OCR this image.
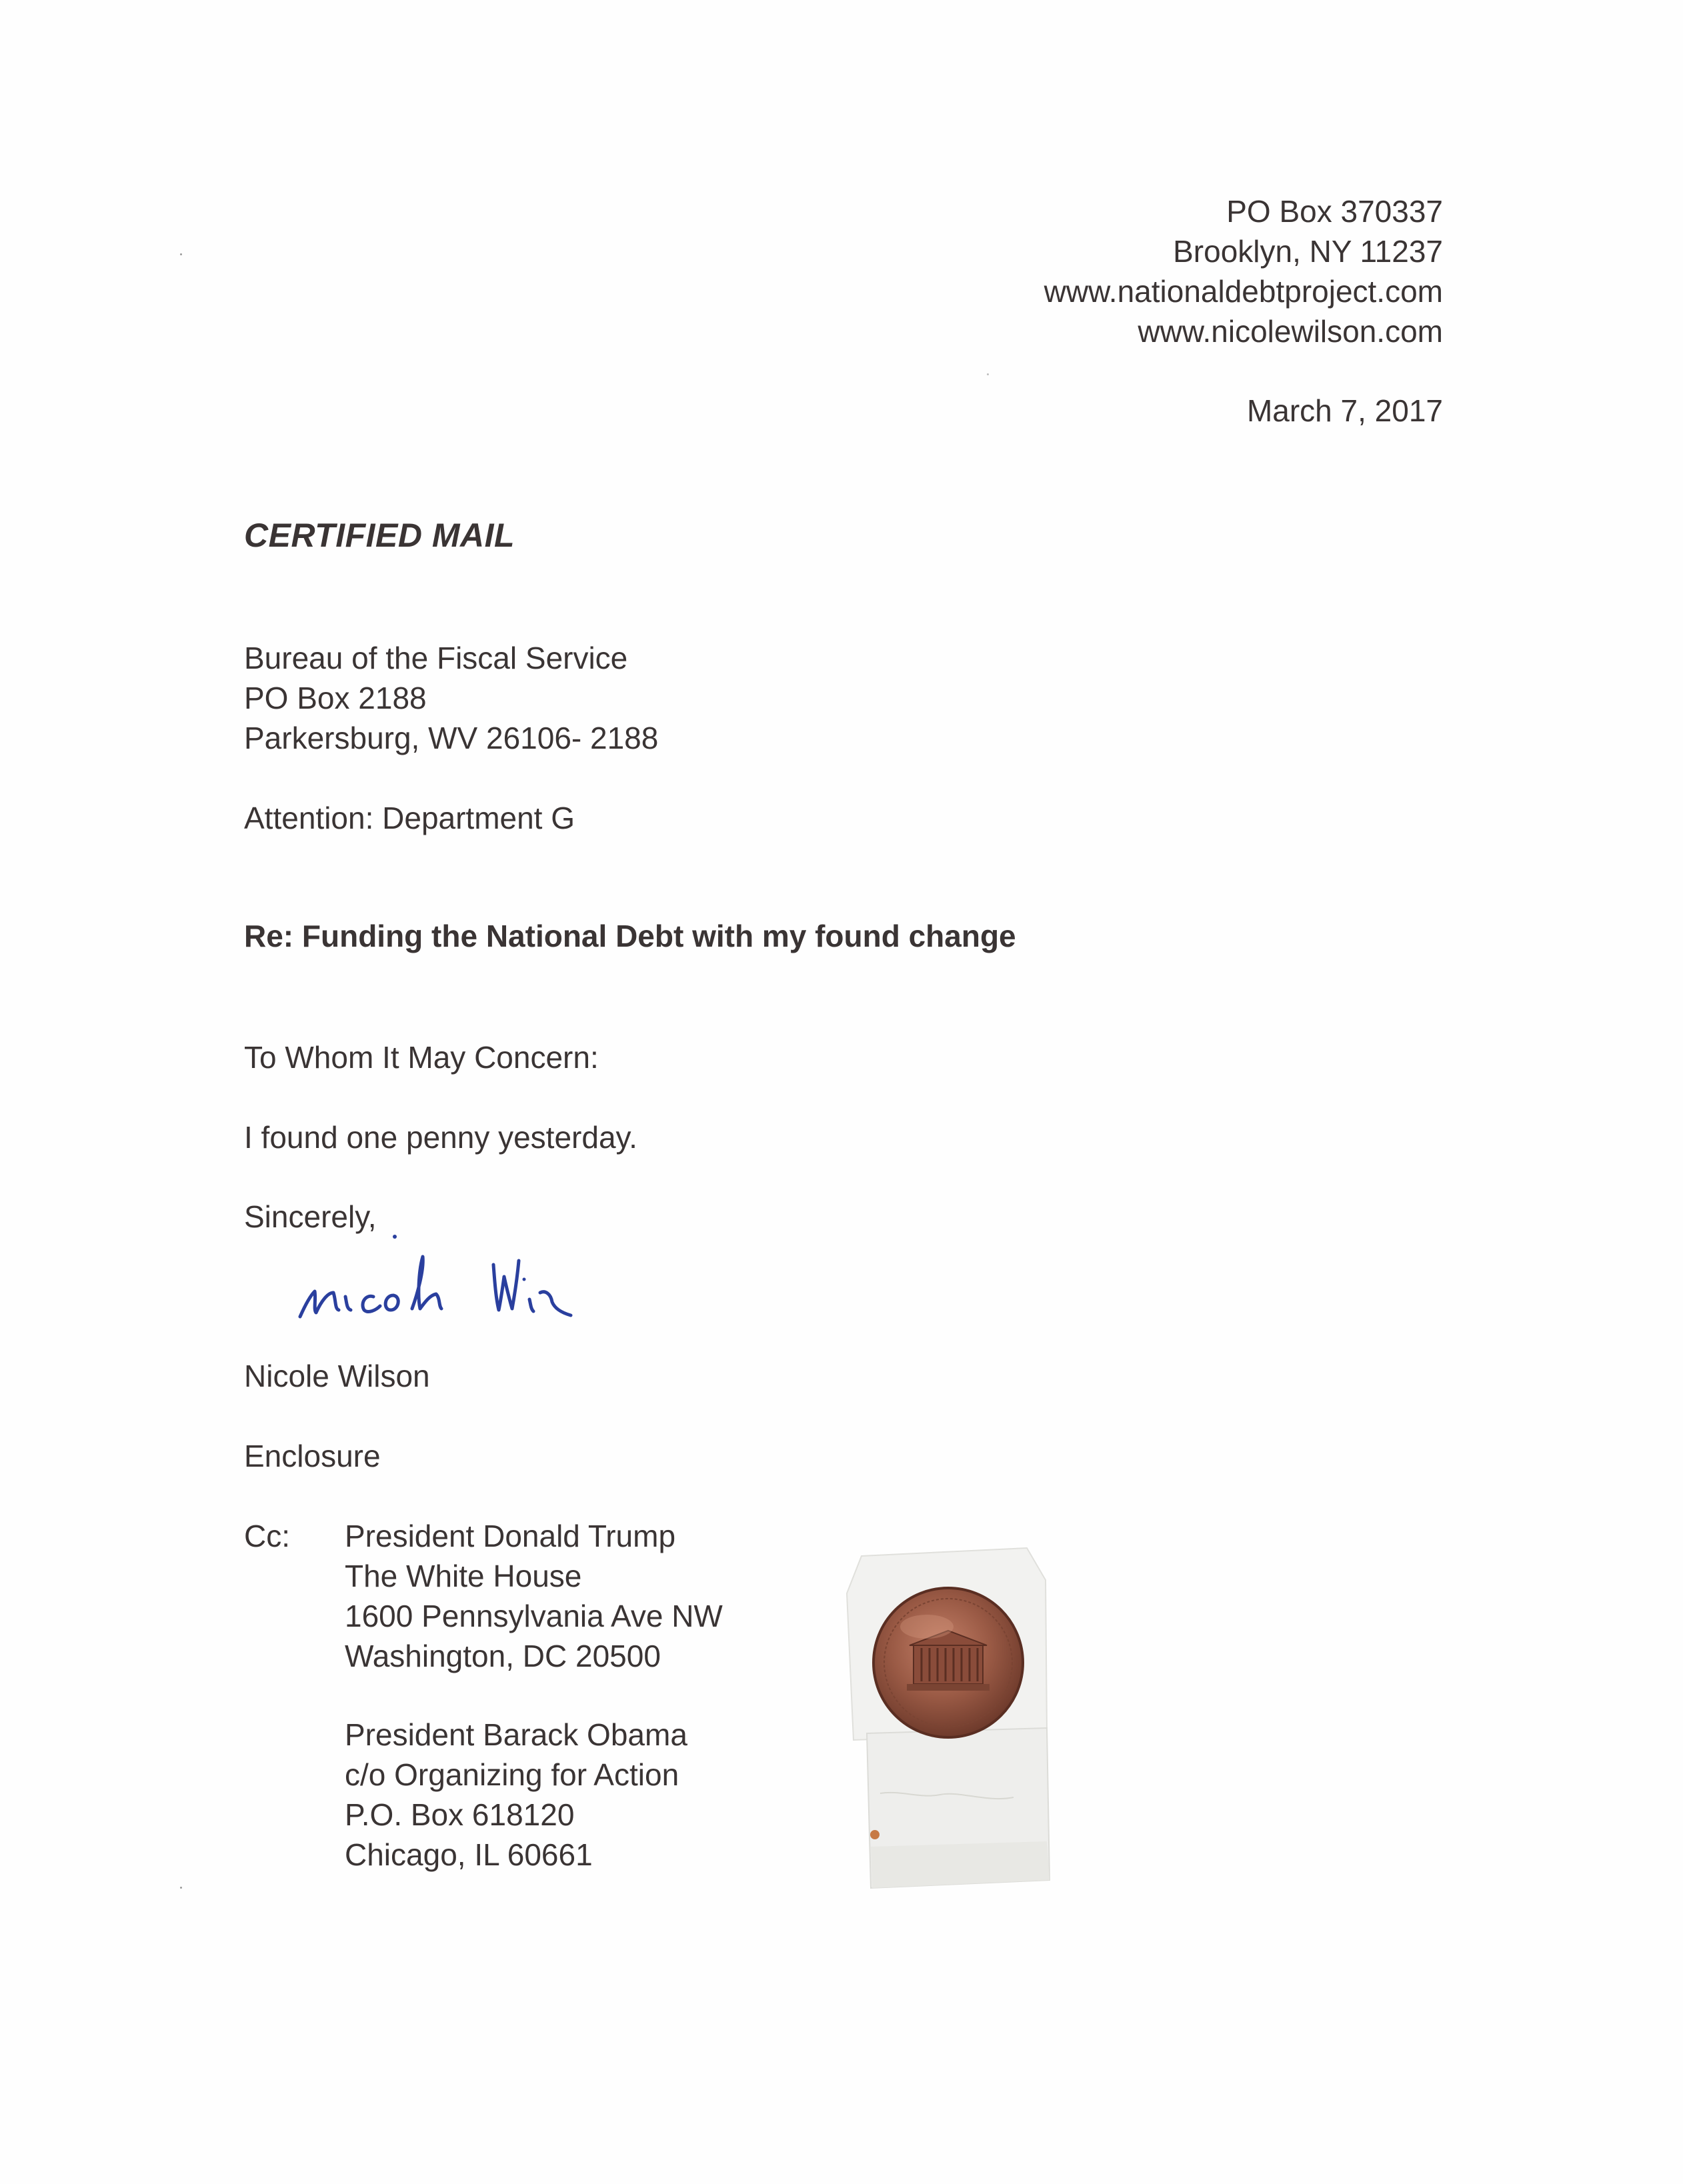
PO Box 370337
Brooklyn, NY 11237
www.nationaldebtproject.com
www.nicolewilson.com
March 7, 2017
CERTIFIED MAIL
Bureau of the Fiscal Service
PO Box 2188
Parkersburg, WV 26106- 2188
Attention: Department G
Re: Funding the National Debt with my found change
To Whom It May Concern:
I found one penny yesterday.
Sincerely,
Nicole Wilson
Enclosure
Cc: President Donald Trump
The White House
1600 Pennsylvania Ave NW
Washington, DC 20500
President Barack Obama
c/o Organizing for Action
P.O. Box 618120
Chicago, IL 60661
